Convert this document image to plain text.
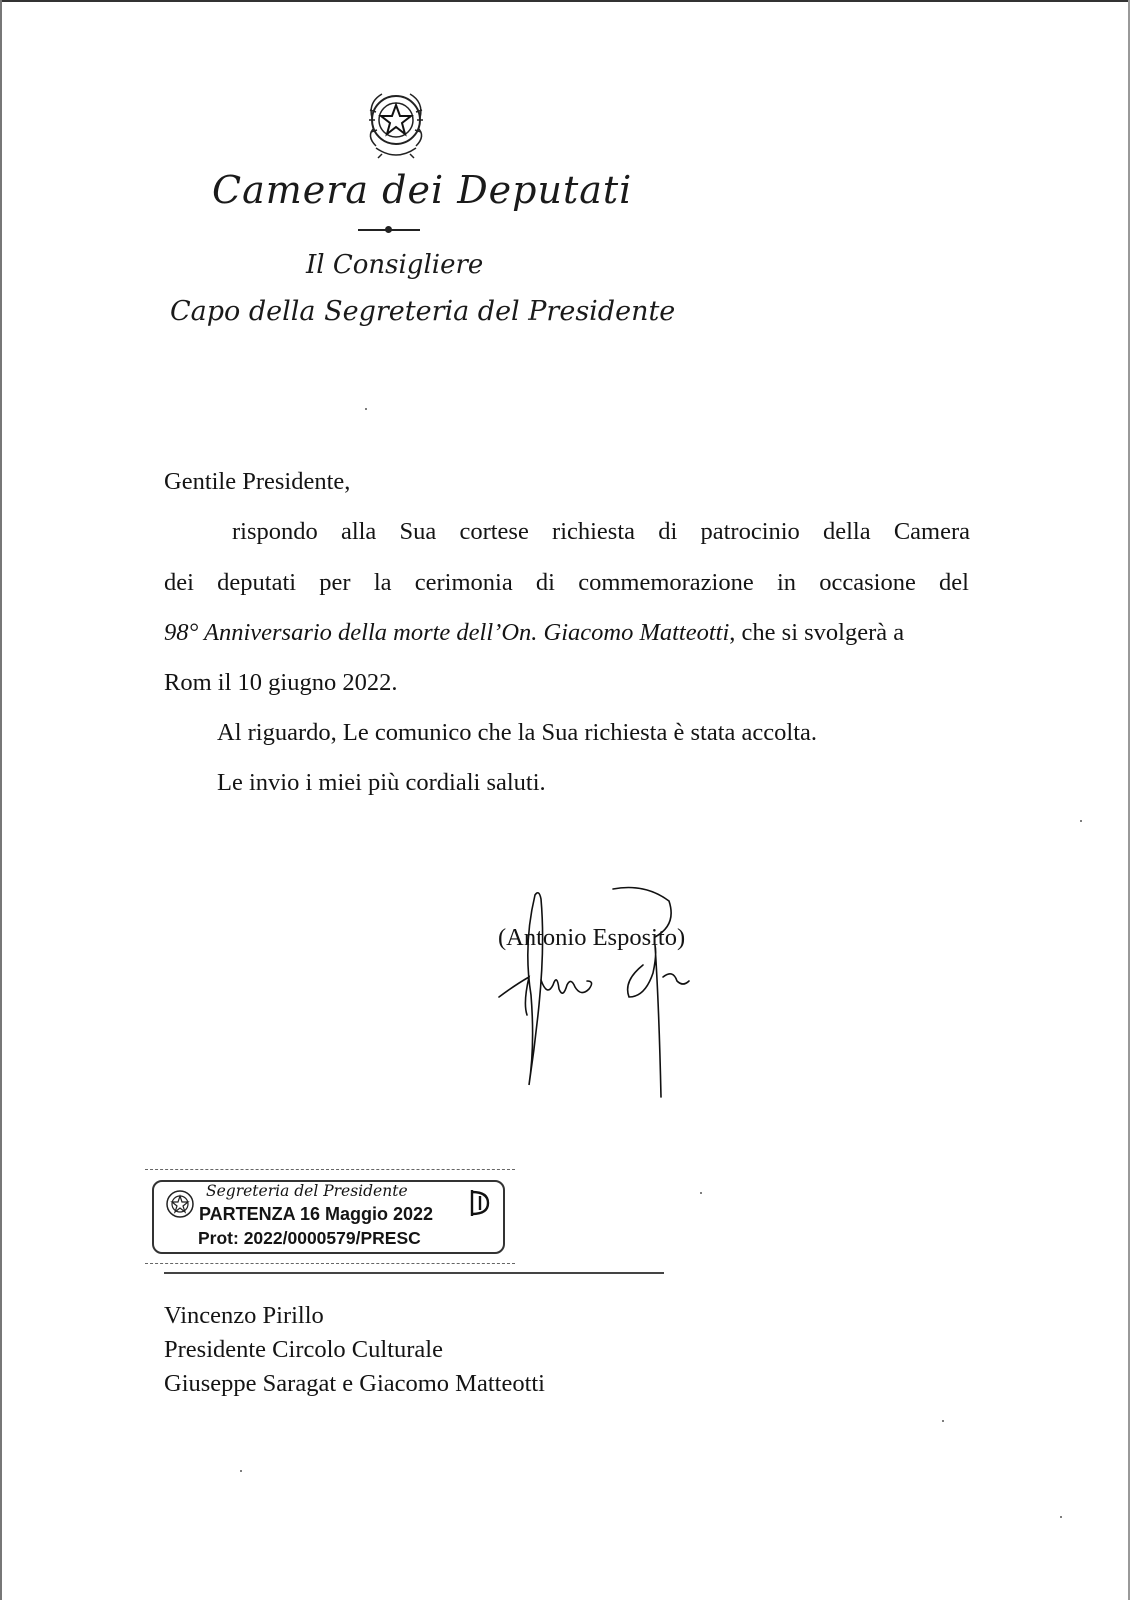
Camera dei Deputati
Il Consigliere
Capo della Segreteria del Presidente
Gentile Presidente,
rispondo alla Sua cortese richiesta di patrocinio della Camera
dei deputati per la cerimonia di commemorazione in occasione del
98° Anniversario della morte dell’On. Giacomo Matteotti , che si svolgerà a
Rom il 10 giugno 2022.
Al riguardo, Le comunico che la Sua richiesta è stata accolta.
Le invio i miei più cordiali saluti.
(Antonio Esposito)
Segreteria del Presidente
PARTENZA 16 Maggio 2022
Prot: 2022/0000579/PRESC
Vincenzo Pirillo
Presidente Circolo Culturale
Giuseppe Saragat e Giacomo Matteotti
